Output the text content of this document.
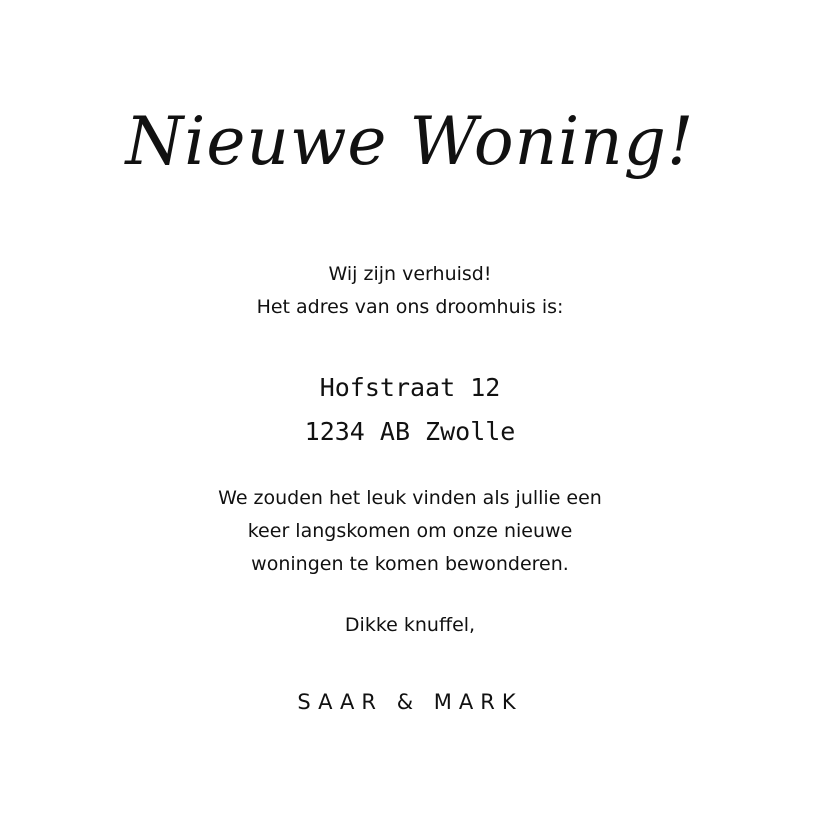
Nieuwe Woning!
Wij zijn verhuisd!
Het adres van ons droomhuis is:
Hofstraat 12
1234 AB Zwolle
We zouden het leuk vinden als jullie een
keer langskomen om onze nieuwe
woningen te komen bewonderen.
Dikke knuffel,
SAAR & MARK
